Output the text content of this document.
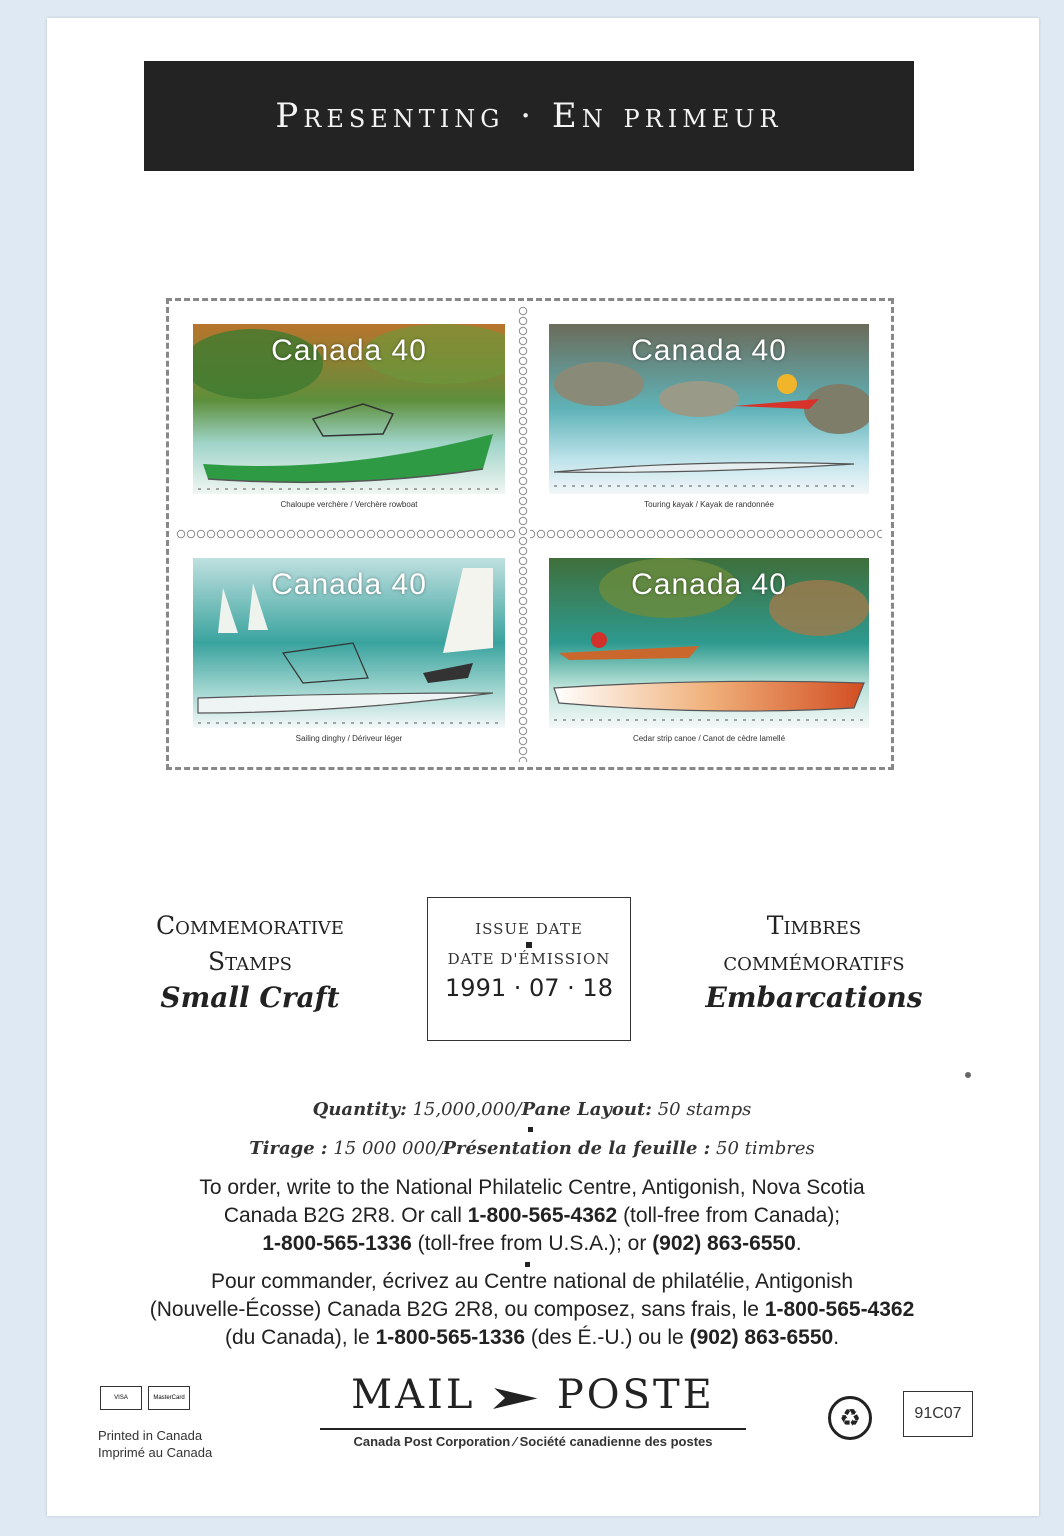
Presenting · En primeur
Canada 40
Chaloupe verchère / Verchère rowboat
Canada 40
Touring kayak / Kayak de randonnée
Canada 40
Sailing dinghy / Dériveur léger
Canada 40
Cedar strip canoe / Canot de cèdre lamellé
Commemorative
Stamps
Small Craft
ISSUE DATE
DATE D'ÉMISSION
1991 · 07 · 18
Timbres
commémoratifs
Embarcations
Quantity: 15,000,000/Pane Layout: 50 stamps
Tirage : 15 000 000/Présentation de la feuille : 50 timbres
To order, write to the National Philatelic Centre, Antigonish, Nova Scotia
Canada B2G 2R8. Or call 1-800-565-4362 (toll-free from Canada);
1-800-565-1336 (toll-free from U.S.A.); or (902) 863-6550.
Pour commander, écrivez au Centre national de philatélie, Antigonish
(Nouvelle-Écosse) Canada B2G 2R8, ou composez, sans frais, le 1-800-565-4362
(du Canada), le 1-800-565-1336 (des É.-U.) ou le (902) 863-6550.
VISA	MasterCard
Printed in Canada
Imprimé au Canada
MAIL POSTE
Canada Post Corporation ⁄ Société canadienne des postes
♻	91C07
